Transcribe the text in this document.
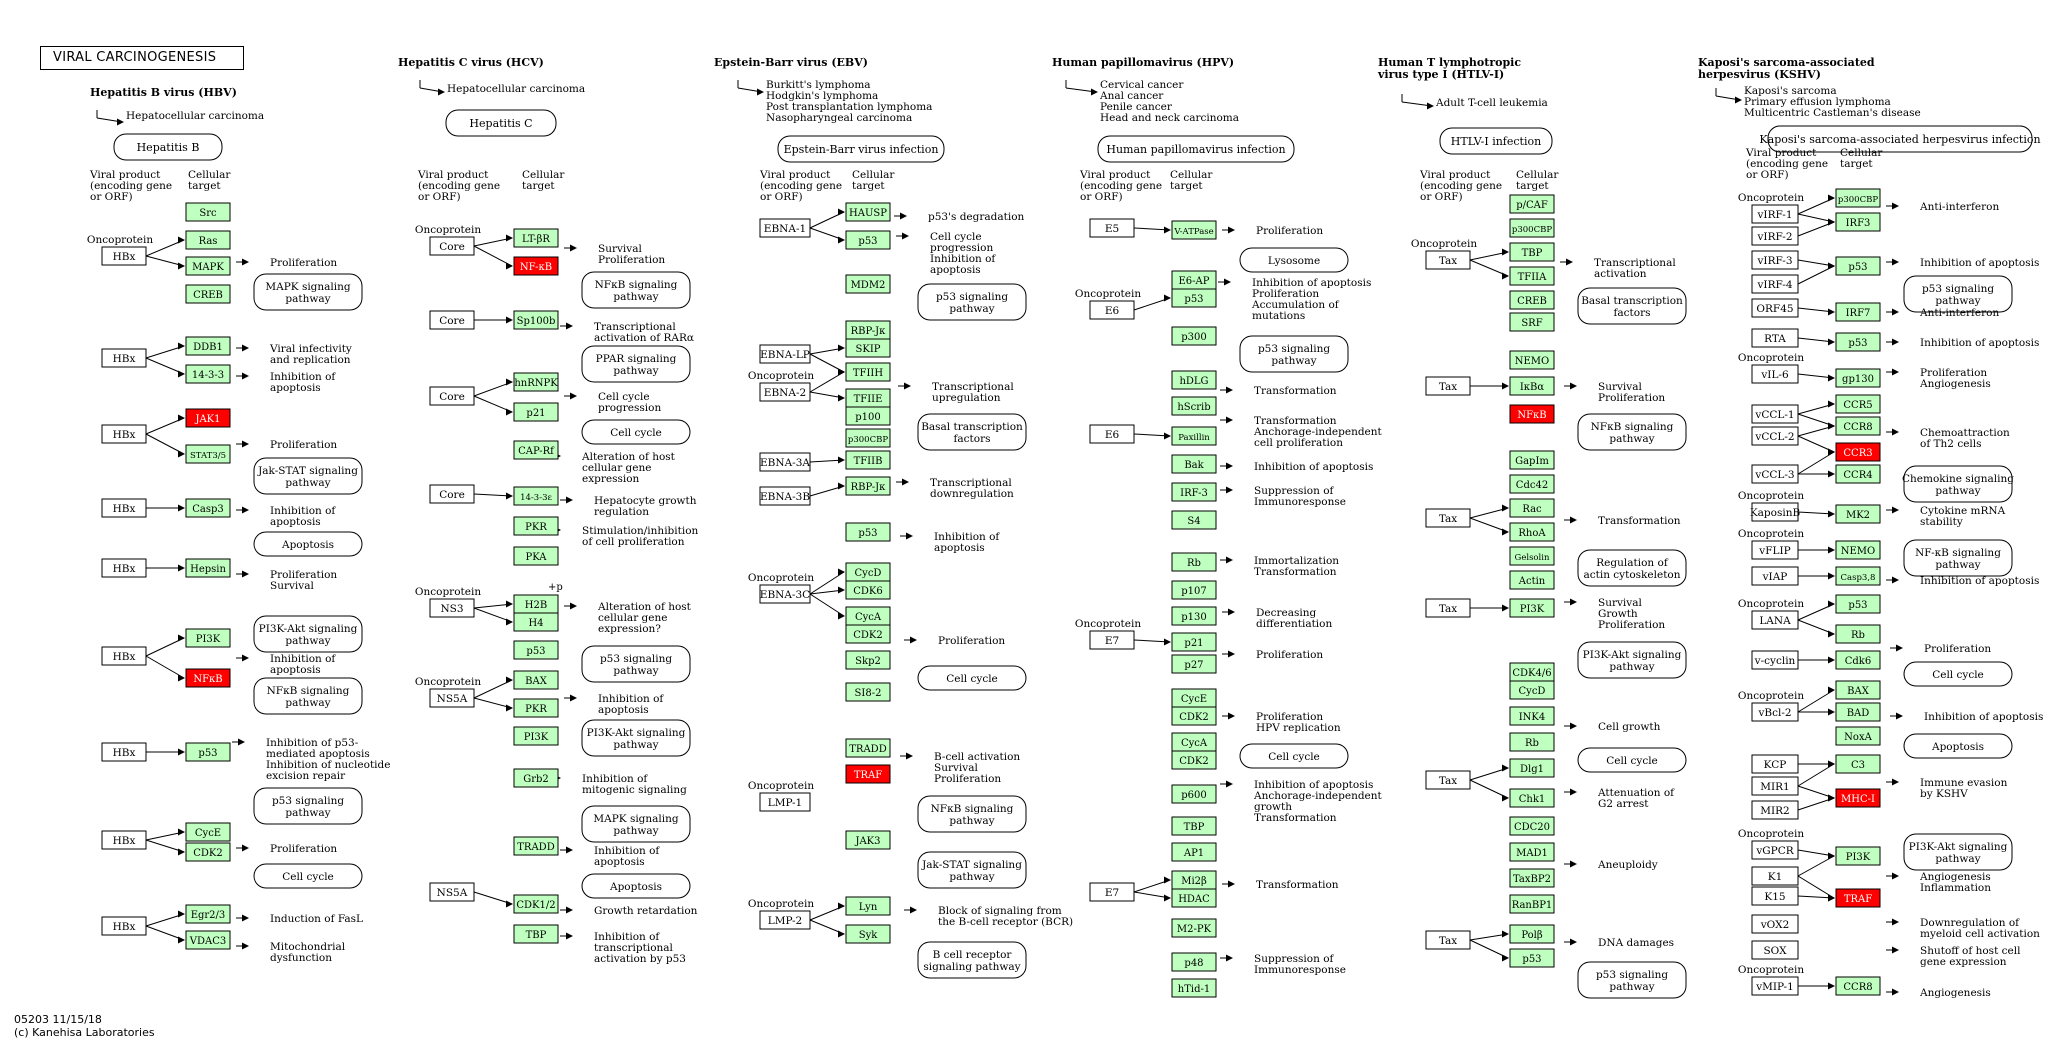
VIRAL CARCINOGENESIS
Hepatitis B virus (HBV)
Hepatocellular carcinoma
Hepatitis B
Viral product
(encoding gene
or ORF)
Cellular
target
Hepatitis C virus (HCV)
Hepatocellular carcinoma
Hepatitis C
Viral product
(encoding gene
or ORF)
Cellular
target
Epstein-Barr virus (EBV)
Burkitt's lymphoma
Hodgkin's lymphoma
Post transplantation lymphoma
Nasopharyngeal carcinoma
Epstein-Barr virus infection
Viral product
(encoding gene
or ORF)
Cellular
target
Human papillomavirus (HPV)
Cervical cancer
Anal cancer
Penile cancer
Head and neck carcinoma
Human papillomavirus infection
Viral product
(encoding gene
or ORF)
Cellular
target
Human T lymphotropic
virus type I (HTLV-I)
Adult T-cell leukemia
HTLV-I infection
Viral product
(encoding gene
or ORF)
Cellular
target
Kaposi's sarcoma-associated
herpesvirus (KSHV)
Kaposi's sarcoma
Primary effusion lymphoma
Multicentric Castleman's disease
Kaposi's sarcoma-associated herpesvirus infection
Viral product
(encoding gene
or ORF)
Cellular
target
HBx
Oncoprotein
HBx
HBx
HBx
HBx
HBx
HBx
HBx
HBx
Core
Oncoprotein
Core
Core
Core
NS3
Oncoprotein
NS5A
Oncoprotein
NS5A
EBNA-1
EBNA-LP
EBNA-2
Oncoprotein
EBNA-3A
EBNA-3B
EBNA-3C
Oncoprotein
LMP-1
Oncoprotein
LMP-2
Oncoprotein
E5
E6
Oncoprotein
E6
E7
Oncoprotein
E7
Tax
Oncoprotein
Tax
Tax
Tax
Tax
Tax
vIRF-1
Oncoprotein
vIRF-2
vIRF-3
vIRF-4
ORF45
RTA
vIL-6
Oncoprotein
vCCL-1
vCCL-2
vCCL-3
KaposinB
Oncoprotein
vFLIP
Oncoprotein
vIAP
LANA
Oncoprotein
v-cyclin
vBcl-2
Oncoprotein
KCP
MIR1
MIR2
vGPCR
Oncoprotein
K1
K15
vOX2
SOX
vMIP-1
Oncoprotein
Src
Ras
MAPK
CREB
DDB1
14-3-3
JAK1
STAT3/5
Casp3
Hepsin
PI3K
NFκB
p53
CycE
CDK2
Egr2/3
VDAC3
LT-βR
NF-κB
Sp100b
hnRNPK
p21
CAP-Rf
14-3-3ε
PKR
PKA
H2B
H4
p53
BAX
PKR
PI3K
Grb2
TRADD
CDK1/2
TBP
HAUSP
p53
MDM2
RBP-Jκ
SKIP
TFIIH
TFIIE
p100
p300CBP
TFIIB
RBP-Jκ
p53
CycD
CDK6
CycA
CDK2
Skp2
SI8-2
TRADD
TRAF
JAK3
Lyn
Syk
V-ATPase
E6-AP
p53
p300
hDLG
hScrib
Paxillin
Bak
IRF-3
S4
Rb
p107
p130
p21
p27
CycE
CDK2
CycA
CDK2
p600
TBP
AP1
Mi2β
HDAC
M2-PK
p48
hTid-1
p/CAF
p300CBP
TBP
TFIIA
CREB
SRF
NEMO
IκBα
NFκB
GapIm
Cdc42
Rac
RhoA
Gelsolin
Actin
PI3K
CDK4/6
CycD
INK4
Rb
Dlg1
Chk1
CDC20
MAD1
TaxBP2
RanBP1
Polβ
p53
p300CBP
IRF3
p53
IRF7
p53
gp130
CCR5
CCR8
CCR3
CCR4
MK2
NEMO
Casp3,8
p53
Rb
Cdk6
BAX
BAD
NoxA
C3
MHC-I
PI3K
TRAF
CCR8
MAPK signaling
pathway
Jak-STAT signaling
pathway
Apoptosis
PI3K-Akt signaling
pathway
NFκB signaling
pathway
p53 signaling
pathway
Cell cycle
NFκB signaling
pathway
PPAR signaling
pathway
Cell cycle
p53 signaling
pathway
PI3K-Akt signaling
pathway
MAPK signaling
pathway
Apoptosis
p53 signaling
pathway
Basal transcription
factors
Cell cycle
NFκB signaling
pathway
Jak-STAT signaling
pathway
B cell receptor
signaling pathway
Lysosome
p53 signaling
pathway
Cell cycle
Basal transcription
factors
NFκB signaling
pathway
Regulation of
actin cytoskeleton
PI3K-Akt signaling
pathway
Cell cycle
p53 signaling
pathway
p53 signaling
pathway
Chemokine signaling
pathway
NF-κB signaling
pathway
Cell cycle
Apoptosis
PI3K-Akt signaling
pathway
Proliferation
Viral infectivity
and replication
Inhibition of
apoptosis
Proliferation
Inhibition of
apoptosis
Proliferation
Survival
Inhibition of
apoptosis
Inhibition of p53-
mediated apoptosis
Inhibition of nucleotide
excision repair
Proliferation
Induction of FasL
Mitochondrial
dysfunction
Survival
Proliferation
Transcriptional
activation of RARα
Cell cycle
progression
Alteration of host
cellular gene
expression
Hepatocyte growth
regulation
Stimulation/inhibition
of cell proliferation
Alteration of host
cellular gene
expression?
Inhibition of
apoptosis
Inhibition of
mitogenic signaling
Inhibition of
apoptosis
Growth retardation
Inhibition of
transcriptional
activation by p53
p53's degradation
Cell cycle
progression
Inhibition of
apoptosis
Transcriptional
upregulation
Transcriptional
downregulation
Inhibition of
apoptosis
Proliferation
B-cell activation
Survival
Proliferation
Block of signaling from
the B-cell receptor (BCR)
Proliferation
Inhibition of apoptosis
Proliferation
Accumulation of
mutations
Transformation
Transformation
Anchorage-independent
cell proliferation
Inhibition of apoptosis
Suppression of
Immunoresponse
Immortalization
Transformation
Decreasing
differentiation
Proliferation
Proliferation
HPV replication
Inhibition of apoptosis
Anchorage-independent
growth
Transformation
Transformation
Suppression of
Immunoresponse
Transcriptional
activation
Survival
Proliferation
Transformation
Survival
Growth
Proliferation
Cell growth
Attenuation of
G2 arrest
Aneuploidy
DNA damages
Anti-interferon
Inhibition of apoptosis
Anti-interferon
Inhibition of apoptosis
Proliferation
Angiogenesis
Chemoattraction
of Th2 cells
Cytokine mRNA
stability
Inhibition of apoptosis
Proliferation
Inhibition of apoptosis
Immune evasion
by KSHV
Angiogenesis
Inflammation
Downregulation of
myeloid cell activation
Shutoff of host cell
gene expression
Angiogenesis
+p
05203 11/15/18
(c) Kanehisa Laboratories
